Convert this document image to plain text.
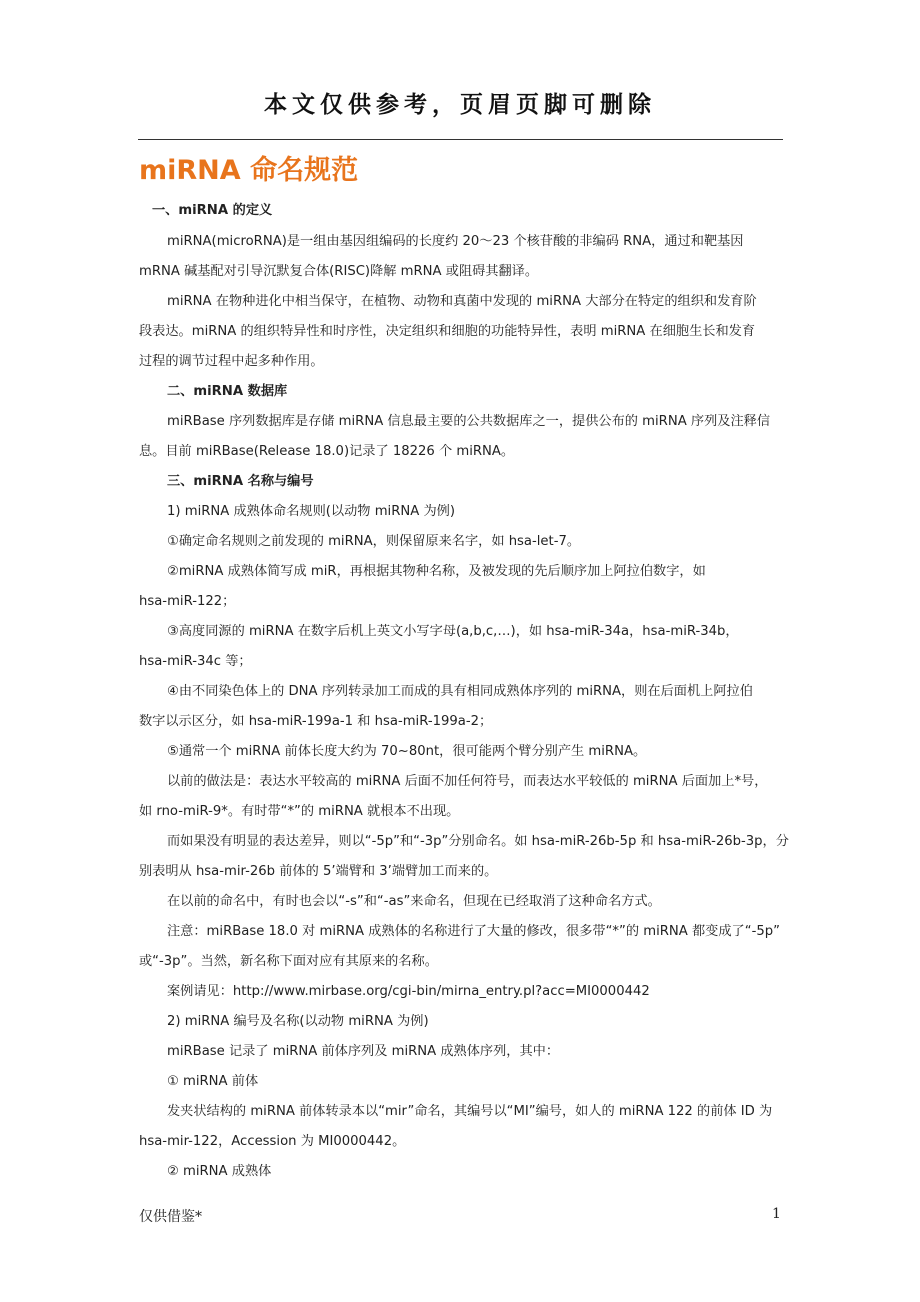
本文仅供参考，页眉页脚可删除
miRNA 命名规范
一、miRNA 的定义
miRNA(microRNA)是一组由基因组编码的长度约 20～23 个核苷酸的非编码 RNA，通过和靶基因
mRNA 碱基配对引导沉默复合体(RISC)降解 mRNA 或阻碍其翻译。
miRNA 在物种进化中相当保守，在植物、动物和真菌中发现的 miRNA 大部分在特定的组织和发育阶
段表达。miRNA 的组织特异性和时序性，决定组织和细胞的功能特异性，表明 miRNA 在细胞生长和发育
过程的调节过程中起多种作用。
二、miRNA 数据库
miRBase 序列数据库是存储 miRNA 信息最主要的公共数据库之一，提供公布的 miRNA 序列及注释信
息。目前 miRBase(Release 18.0)记录了 18226 个 miRNA。
三、miRNA 名称与编号
1) miRNA 成熟体命名规则(以动物 miRNA 为例)
①确定命名规则之前发现的 miRNA，则保留原来名字，如 hsa-let-7。
②miRNA 成熟体简写成 miR，再根据其物种名称，及被发现的先后顺序加上阿拉伯数字，如
hsa-miR-122；
③高度同源的 miRNA 在数字后机上英文小写字母(a,b,c,…)，如 hsa-miR-34a，hsa-miR-34b，
hsa-miR-34c 等；
④由不同染色体上的 DNA 序列转录加工而成的具有相同成熟体序列的 miRNA，则在后面机上阿拉伯
数字以示区分，如 hsa-miR-199a-1 和 hsa-miR-199a-2；
⑤通常一个 miRNA 前体长度大约为 70~80nt，很可能两个臂分别产生 miRNA。
以前的做法是：表达水平较高的 miRNA 后面不加任何符号，而表达水平较低的 miRNA 后面加上*号，
如 rno-miR-9*。有时带“*”的 miRNA 就根本不出现。
而如果没有明显的表达差异，则以“-5p”和“-3p”分别命名。如 hsa-miR-26b-5p 和 hsa-miR-26b-3p，分
别表明从 hsa-mir-26b 前体的 5’端臂和 3’端臂加工而来的。
在以前的命名中，有时也会以“-s”和“-as”来命名，但现在已经取消了这种命名方式。
注意：miRBase 18.0 对 miRNA 成熟体的名称进行了大量的修改，很多带“*”的 miRNA 都变成了“-5p”
或“-3p”。当然，新名称下面对应有其原来的名称。
案例请见：http://www.mirbase.org/cgi-bin/mirna_entry.pl?acc=MI0000442
2) miRNA 编号及名称(以动物 miRNA 为例)
miRBase 记录了 miRNA 前体序列及 miRNA 成熟体序列，其中：
① miRNA 前体
发夹状结构的 miRNA 前体转录本以“mir”命名，其编号以“MI”编号，如人的 miRNA 122 的前体 ID 为
hsa-mir-122，Accession 为 MI0000442。
② miRNA 成熟体
仅供借鉴*	1
